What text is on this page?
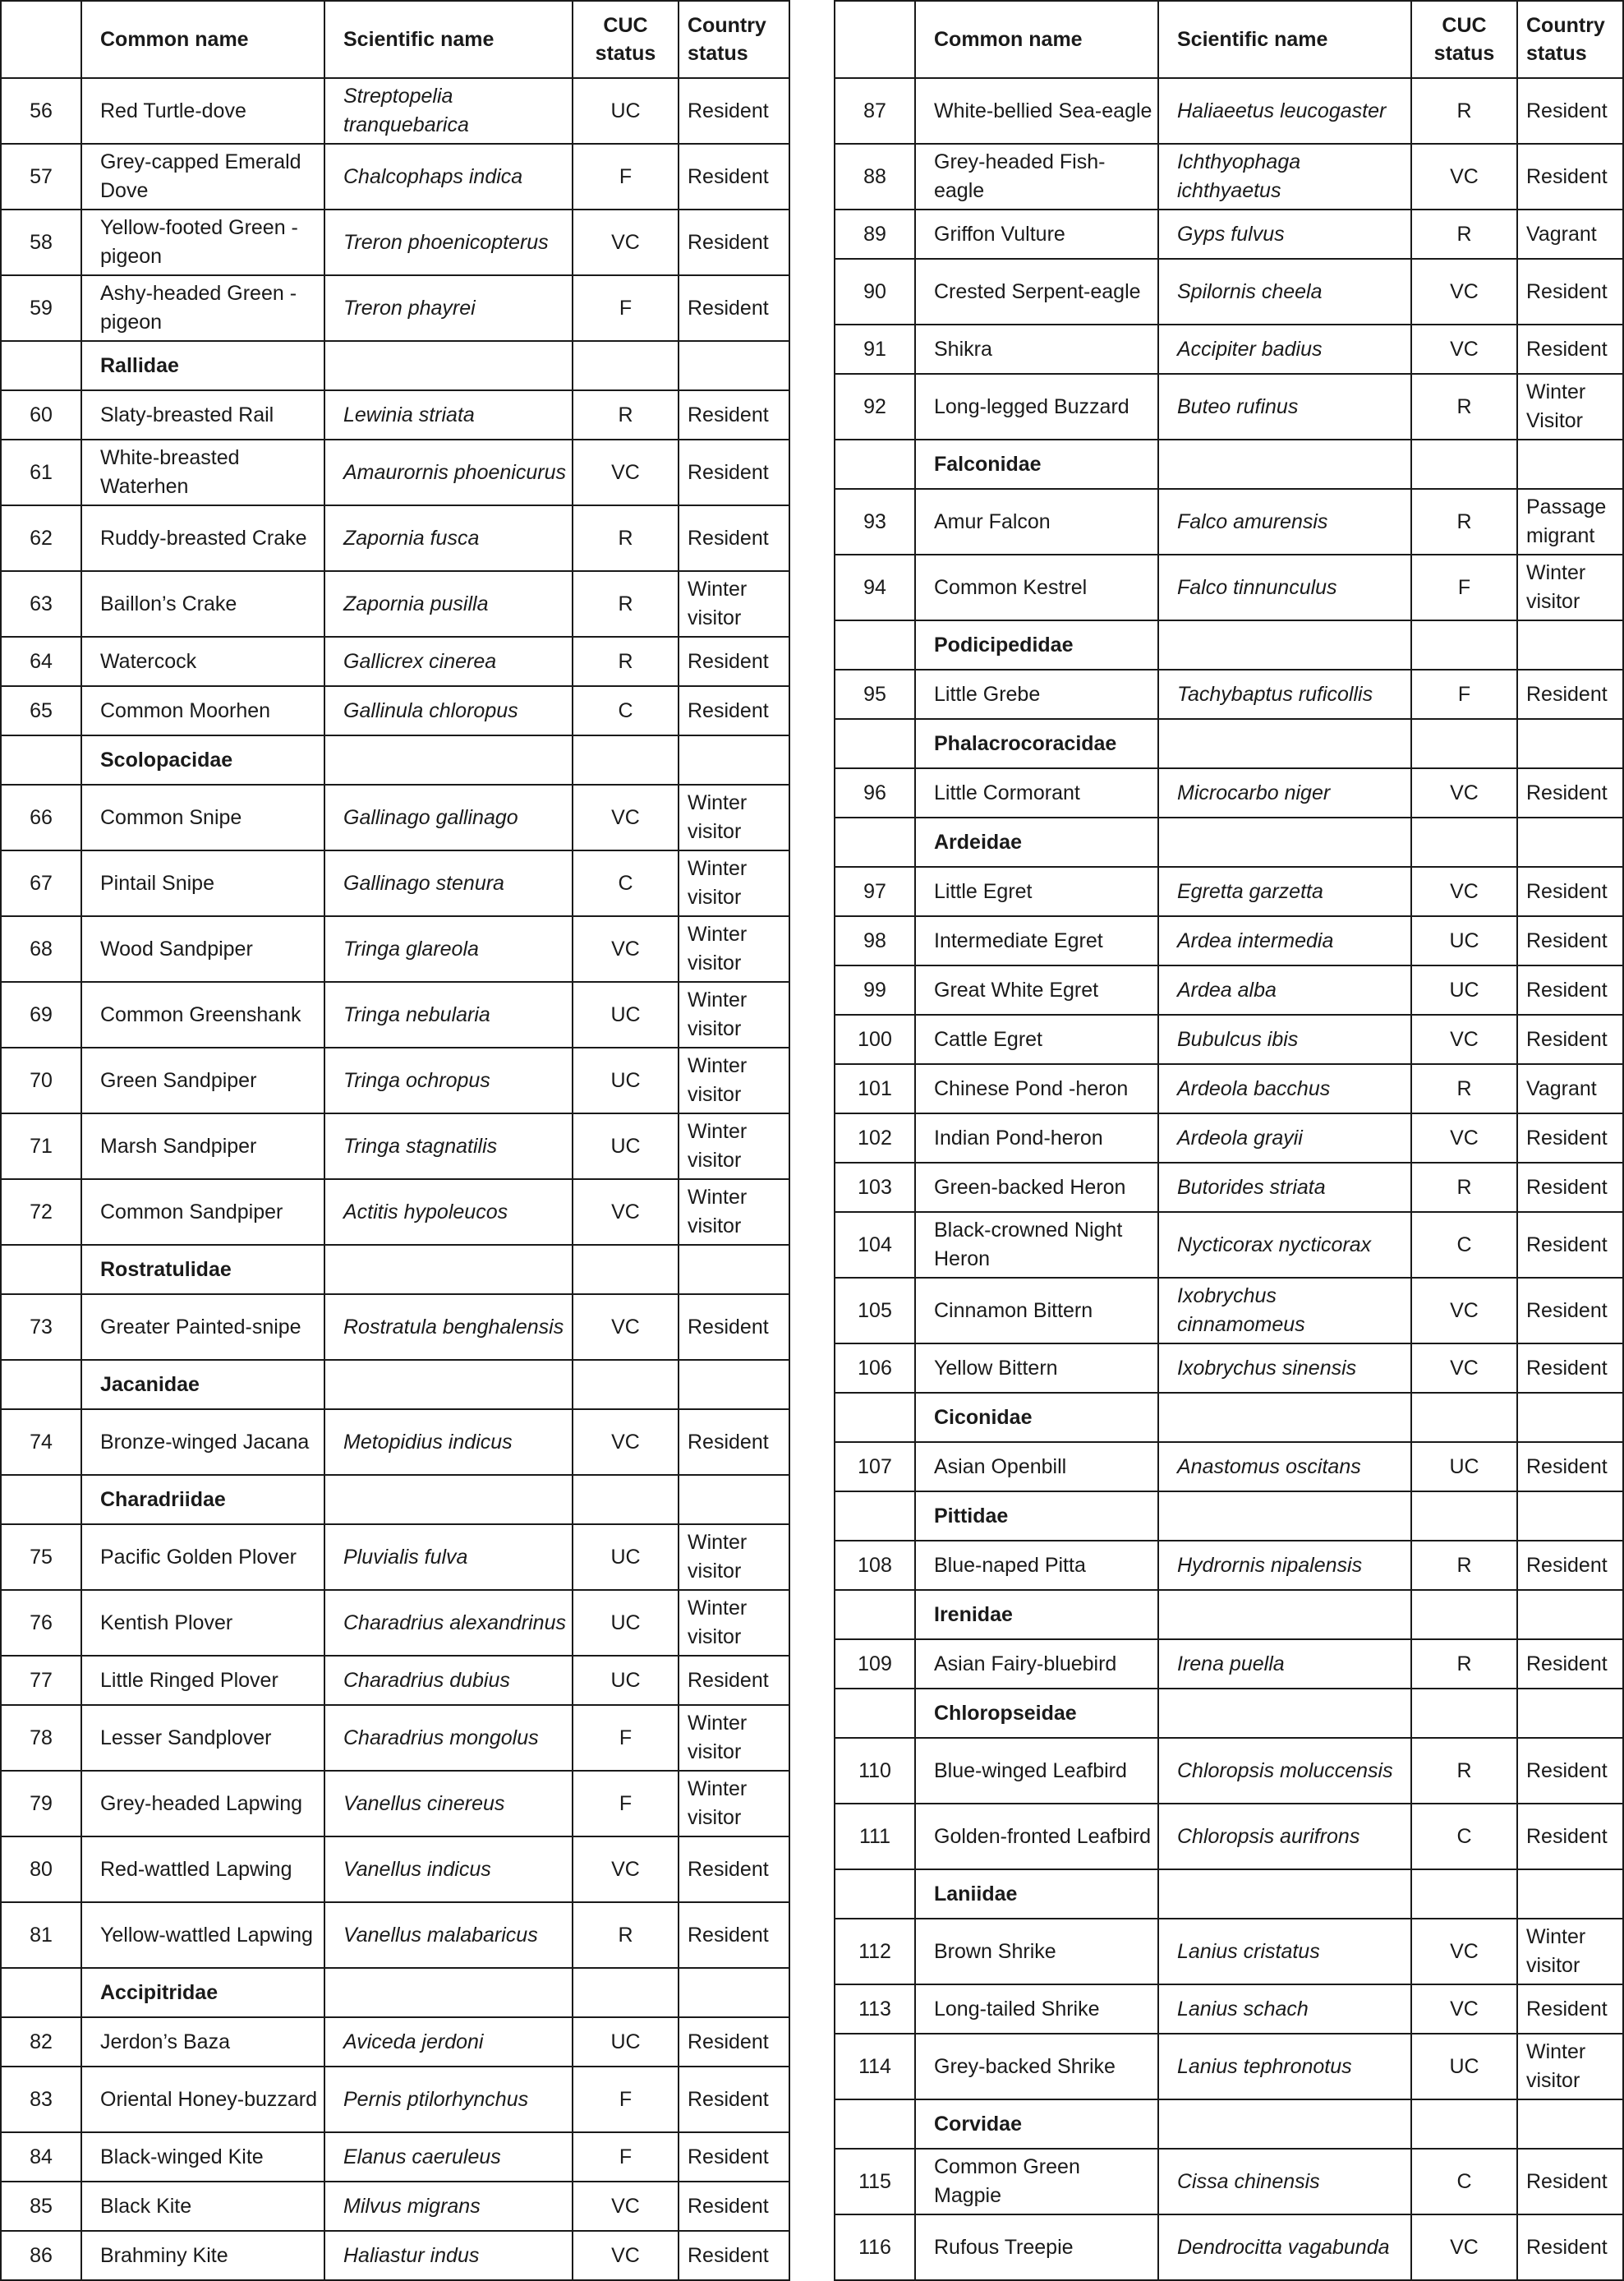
	Common name	Scientific name	CUC status	Country status
56	Red Turtle-dove	Streptopelia tranquebarica	UC	Resident
57	Grey-capped Emerald Dove	Chalcophaps indica	F	Resident
58	Yellow-footed Green -pigeon	Treron phoenicopterus	VC	Resident
59	Ashy-headed Green -pigeon	Treron phayrei	F	Resident
	Rallidae			
60	Slaty-breasted Rail	Lewinia striata	R	Resident
61	White-breasted Waterhen	Amaurornis phoenicurus	VC	Resident
62	Ruddy-breasted Crake	Zapornia fusca	R	Resident
63	Baillon’s Crake	Zapornia pusilla	R	Winter visitor
64	Watercock	Gallicrex cinerea	R	Resident
65	Common Moorhen	Gallinula chloropus	C	Resident
	Scolopacidae			
66	Common Snipe	Gallinago gallinago	VC	Winter visitor
67	Pintail Snipe	Gallinago stenura	C	Winter visitor
68	Wood Sandpiper	Tringa glareola	VC	Winter visitor
69	Common Greenshank	Tringa nebularia	UC	Winter visitor
70	Green Sandpiper	Tringa ochropus	UC	Winter visitor
71	Marsh Sandpiper	Tringa stagnatilis	UC	Winter visitor
72	Common Sandpiper	Actitis hypoleucos	VC	Winter visitor
	Rostratulidae			
73	Greater Painted-snipe	Rostratula benghalensis	VC	Resident
	Jacanidae			
74	Bronze-winged Jacana	Metopidius indicus	VC	Resident
	Charadriidae			
75	Pacific Golden Plover	Pluvialis fulva	UC	Winter visitor
76	Kentish Plover	Charadrius alexandrinus	UC	Winter visitor
77	Little Ringed Plover	Charadrius dubius	UC	Resident
78	Lesser Sandplover	Charadrius mongolus	F	Winter visitor
79	Grey-headed Lapwing	Vanellus cinereus	F	Winter visitor
80	Red-wattled Lapwing	Vanellus indicus	VC	Resident
81	Yellow-wattled Lapwing	Vanellus malabaricus	R	Resident
	Accipitridae			
82	Jerdon’s Baza	Aviceda jerdoni	UC	Resident
83	Oriental Honey-buzzard	Pernis ptilorhynchus	F	Resident
84	Black-winged Kite	Elanus caeruleus	F	Resident
85	Black Kite	Milvus migrans	VC	Resident
86	Brahminy Kite	Haliastur indus	VC	Resident
	Common name	Scientific name	CUC status	Country status
87	White-bellied Sea-eagle	Haliaeetus leucogaster	R	Resident
88	Grey-headed Fish-eagle	Ichthyophaga ichthyaetus	VC	Resident
89	Griffon Vulture	Gyps fulvus	R	Vagrant
90	Crested Serpent-eagle	Spilornis cheela	VC	Resident
91	Shikra	Accipiter badius	VC	Resident
92	Long-legged Buzzard	Buteo rufinus	R	Winter Visitor
	Falconidae			
93	Amur Falcon	Falco amurensis	R	Passage migrant
94	Common Kestrel	Falco tinnunculus	F	Winter visitor
	Podicipedidae			
95	Little Grebe	Tachybaptus ruficollis	F	Resident
	Phalacrocoracidae			
96	Little Cormorant	Microcarbo niger	VC	Resident
	Ardeidae			
97	Little Egret	Egretta garzetta	VC	Resident
98	Intermediate Egret	Ardea intermedia	UC	Resident
99	Great White Egret	Ardea alba	UC	Resident
100	Cattle Egret	Bubulcus ibis	VC	Resident
101	Chinese Pond -heron	Ardeola bacchus	R	Vagrant
102	Indian Pond-heron	Ardeola grayii	VC	Resident
103	Green-backed Heron	Butorides striata	R	Resident
104	Black-crowned Night Heron	Nycticorax nycticorax	C	Resident
105	Cinnamon Bittern	Ixobrychus cinnamomeus	VC	Resident
106	Yellow Bittern	Ixobrychus sinensis	VC	Resident
	Ciconidae			
107	Asian Openbill	Anastomus oscitans	UC	Resident
	Pittidae			
108	Blue-naped Pitta	Hydrornis nipalensis	R	Resident
	Irenidae			
109	Asian Fairy-bluebird	Irena puella	R	Resident
	Chloropseidae			
110	Blue-winged Leafbird	Chloropsis moluccensis	R	Resident
111	Golden-fronted Leafbird	Chloropsis aurifrons	C	Resident
	Laniidae			
112	Brown Shrike	Lanius cristatus	VC	Winter visitor
113	Long-tailed Shrike	Lanius schach	VC	Resident
114	Grey-backed Shrike	Lanius tephronotus	UC	Winter visitor
	Corvidae			
115	Common Green Magpie	Cissa chinensis	C	Resident
116	Rufous Treepie	Dendrocitta vagabunda	VC	Resident
